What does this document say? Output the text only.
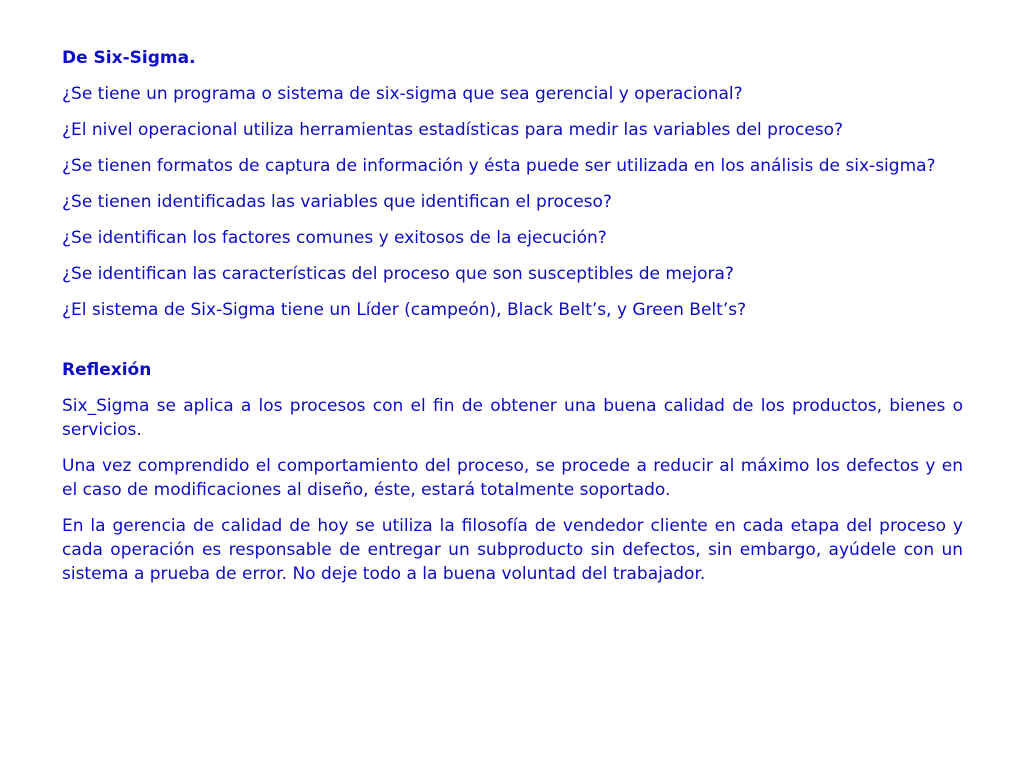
De Six-Sigma.
¿Se tiene un programa o sistema de six-sigma que sea gerencial y operacional?
¿El nivel operacional utiliza herramientas estadísticas para medir las variables del proceso?
¿Se tienen formatos de captura de información y ésta puede ser utilizada en los análisis de six-sigma?
¿Se tienen identificadas las variables que identifican el proceso?
¿Se identifican los factores comunes y exitosos de la ejecución?
¿Se identifican las características del proceso que son susceptibles de mejora?
¿El sistema de Six-Sigma tiene un Líder (campeón), Black Belt’s, y Green Belt’s?
Reflexión
Six_Sigma se aplica a los procesos con el fin de obtener una buena calidad de los productos, bienes o servicios.
Una vez comprendido el comportamiento del proceso, se procede a reducir al máximo los defectos y en el caso de modificaciones al diseño, éste, estará totalmente soportado.
En la gerencia de calidad de hoy se utiliza la filosofía de vendedor cliente en cada etapa del proceso y cada operación es responsable de entregar un subproducto sin defectos, sin embargo, ayúdele con un sistema a prueba de error. No deje todo a la buena voluntad del trabajador.
